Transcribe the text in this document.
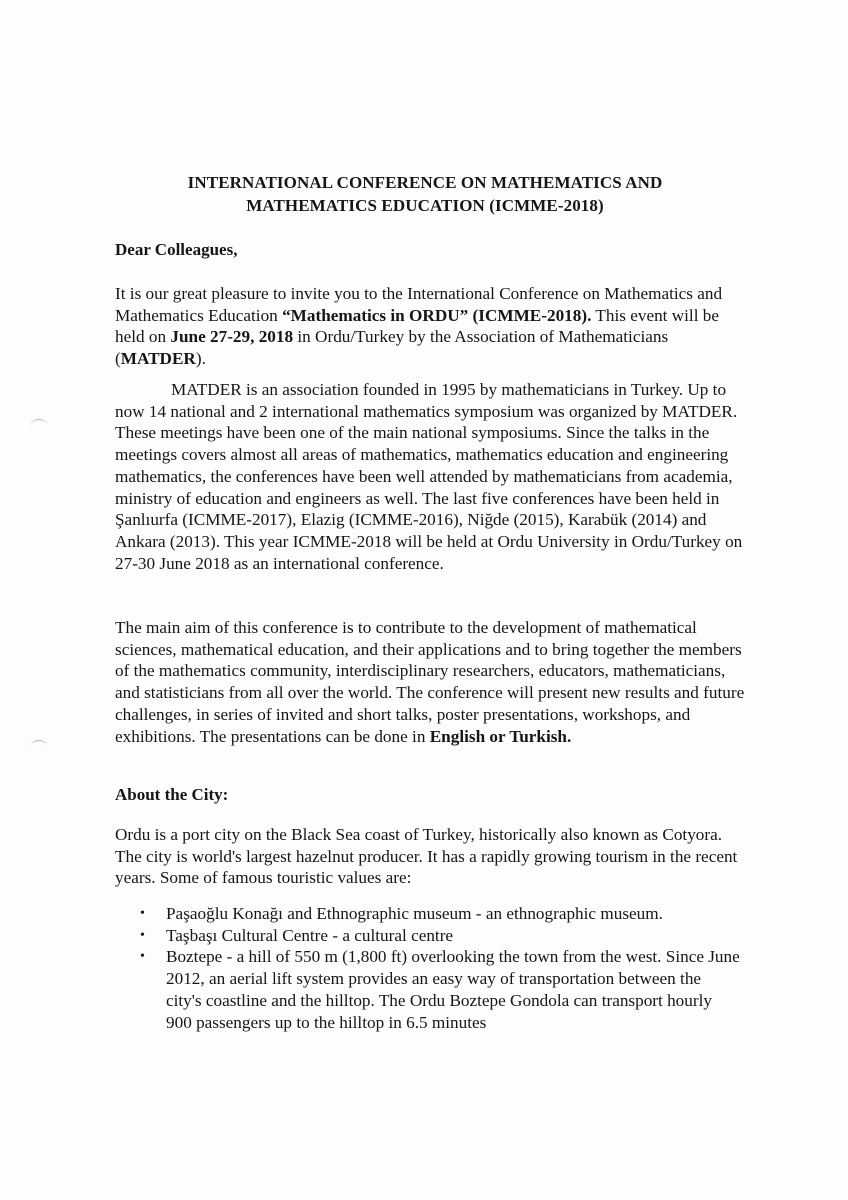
INTERNATIONAL CONFERENCE ON MATHEMATICS AND
MATHEMATICS EDUCATION (ICMME-2018)
Dear Colleagues,

It is our great pleasure to invite you to the International Conference on Mathematics and Mathematics Education “Mathematics in ORDU” (ICMME-2018). This event will be held on June 27-29, 2018 in Ordu/Turkey by the Association of Mathematicians (MATDER).

MATDER is an association founded in 1995 by mathematicians in Turkey. Up to now 14 national and 2 international mathematics symposium was organized by MATDER. These meetings have been one of the main national symposiums. Since the talks in the meetings covers almost all areas of mathematics, mathematics education and engineering mathematics, the conferences have been well attended by mathematicians from academia, ministry of education and engineers as well. The last five conferences have been held in Şanlıurfa (ICMME-2017), Elazig (ICMME-2016), Niğde (2015), Karabük (2014) and Ankara (2013). This year ICMME-2018 will be held at Ordu University in Ordu/Turkey on 27-30 June 2018 as an international conference.

The main aim of this conference is to contribute to the development of mathematical sciences, mathematical education, and their applications and to bring together the members of the mathematics community, interdisciplinary researchers, educators, mathematicians, and statisticians from all over the world. The conference will present new results and future challenges, in series of invited and short talks, poster presentations, workshops, and exhibitions. The presentations can be done in English or Turkish.

About the City:

Ordu is a port city on the Black Sea coast of Turkey, historically also known as Cotyora. The city is world's largest hazelnut producer. It has a rapidly growing tourism in the recent years. Some of famous touristic values are:

• Paşaoğlu Konağı and Ethnographic museum - an ethnographic museum.
• Taşbaşı Cultural Centre - a cultural centre
• Boztepe - a hill of 550 m (1,800 ft) overlooking the town from the west. Since June 2012, an aerial lift system provides an easy way of transportation between the city's coastline and the hilltop. The Ordu Boztepe Gondola can transport hourly 900 passengers up to the hilltop in 6.5 minutes
